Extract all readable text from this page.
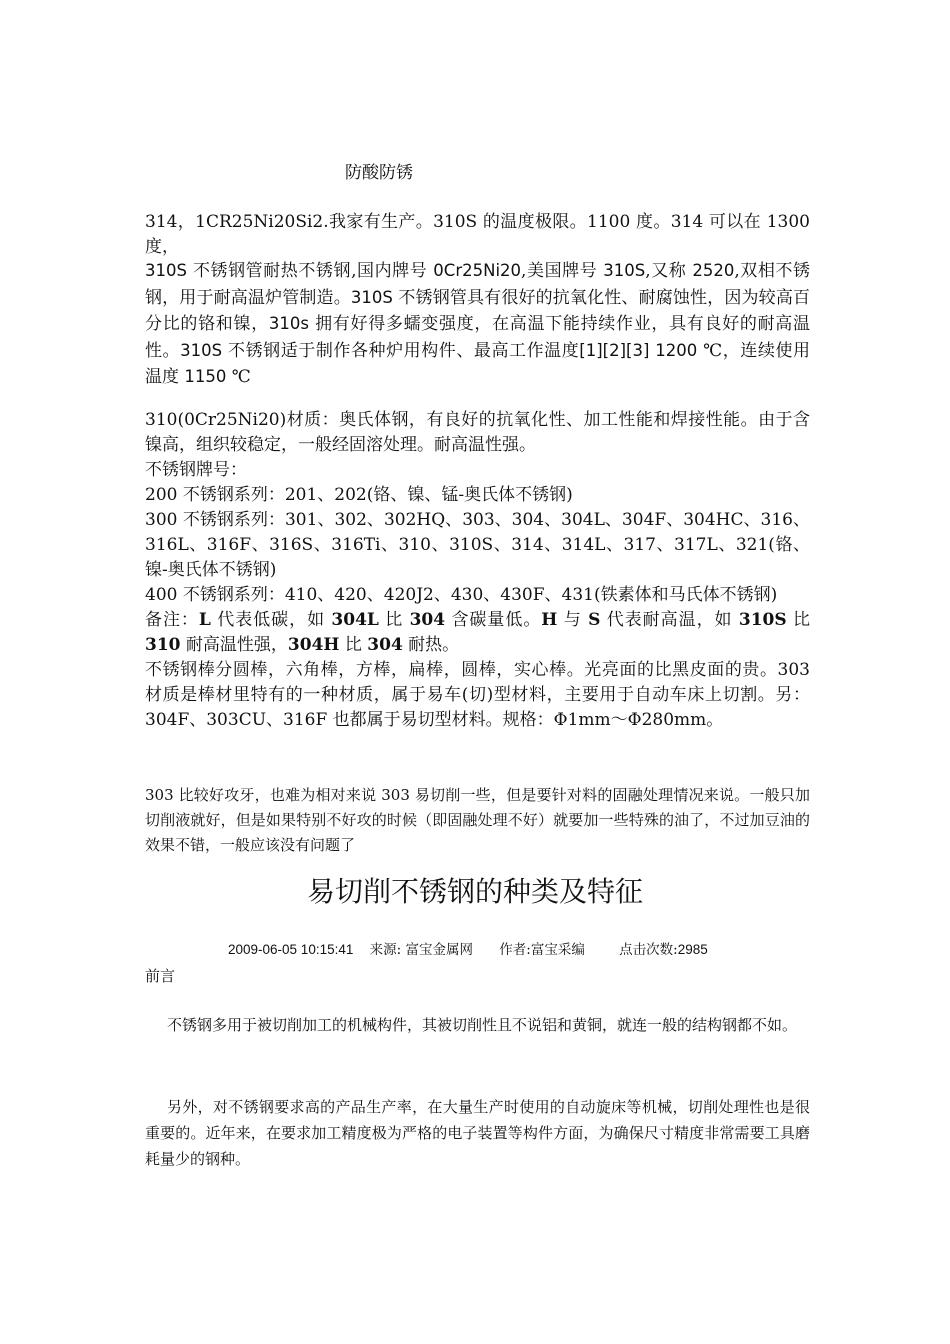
防酸防锈

314，1CR25Ni20Si2.我家有生产。310S 的温度极限。1100 度。314 可以在 1300 度，

310S 不锈钢管耐热不锈钢,国内牌号 0Cr25Ni20,美国牌号 310S,又称 2520,双相不锈钢，用于耐高温炉管制造。310S 不锈钢管具有很好的抗氧化性、耐腐蚀性，因为较高百分比的铬和镍，310s 拥有好得多蠕变强度，在高温下能持续作业，具有良好的耐高温性。310S 不锈钢适于制作各种炉用构件、最高工作温度[1][2][3] 1200 ℃，连续使用温度 1150 ℃

310(0Cr25Ni20)材质：奥氏体钢，有良好的抗氧化性、加工性能和焊接性能。由于含镍高，组织较稳定，一般经固溶处理。耐高温性强。
不锈钢牌号：
200 不锈钢系列：201、202(铬、镍、锰-奥氏体不锈钢)
300 不锈钢系列：301、302、302HQ、303、304、304L、304F、304HC、316、316L、316F、316S、316Ti、310、310S、314、314L、317、317L、321(铬、镍-奥氏体不锈钢)
400 不锈钢系列：410、420、420J2、430、430F、431(铁素体和马氏体不锈钢)
备注：L 代表低碳，如 304L 比 304 含碳量低。H 与 S 代表耐高温，如 310S 比 310 耐高温性强，304H 比 304 耐热。
不锈钢棒分圆棒，六角棒，方棒，扁棒，圆棒，实心棒。光亮面的比黑皮面的贵。303 材质是棒材里特有的一种材质，属于易车(切)型材料，主要用于自动车床上切割。另：304F、303CU、316F 也都属于易切型材料。规格：Φ1mm～Φ280mm。

303 比较好攻牙，也难为相对来说 303 易切削一些，但是要针对料的固融处理情况来说。一般只加切削液就好，但是如果特别不好攻的时候（即固融处理不好）就要加一些特殊的油了，不过加豆油的效果不错，一般应该没有问题了

易切削不锈钢的种类及特征
2009-06-05 10:15:41 来源: 富宝金属网 作者:富宝采编	点击次数:2985
前言

不锈钢多用于被切削加工的机械构件，其被切削性且不说铝和黄铜，就连一般的结构钢都不如。

另外，对不锈钢要求高的产品生产率，在大量生产时使用的自动旋床等机械，切削处理性也是很重要的。近年来，在要求加工精度极为严格的电子装置等构件方面，为确保尺寸精度非常需要工具磨耗量少的钢种。
